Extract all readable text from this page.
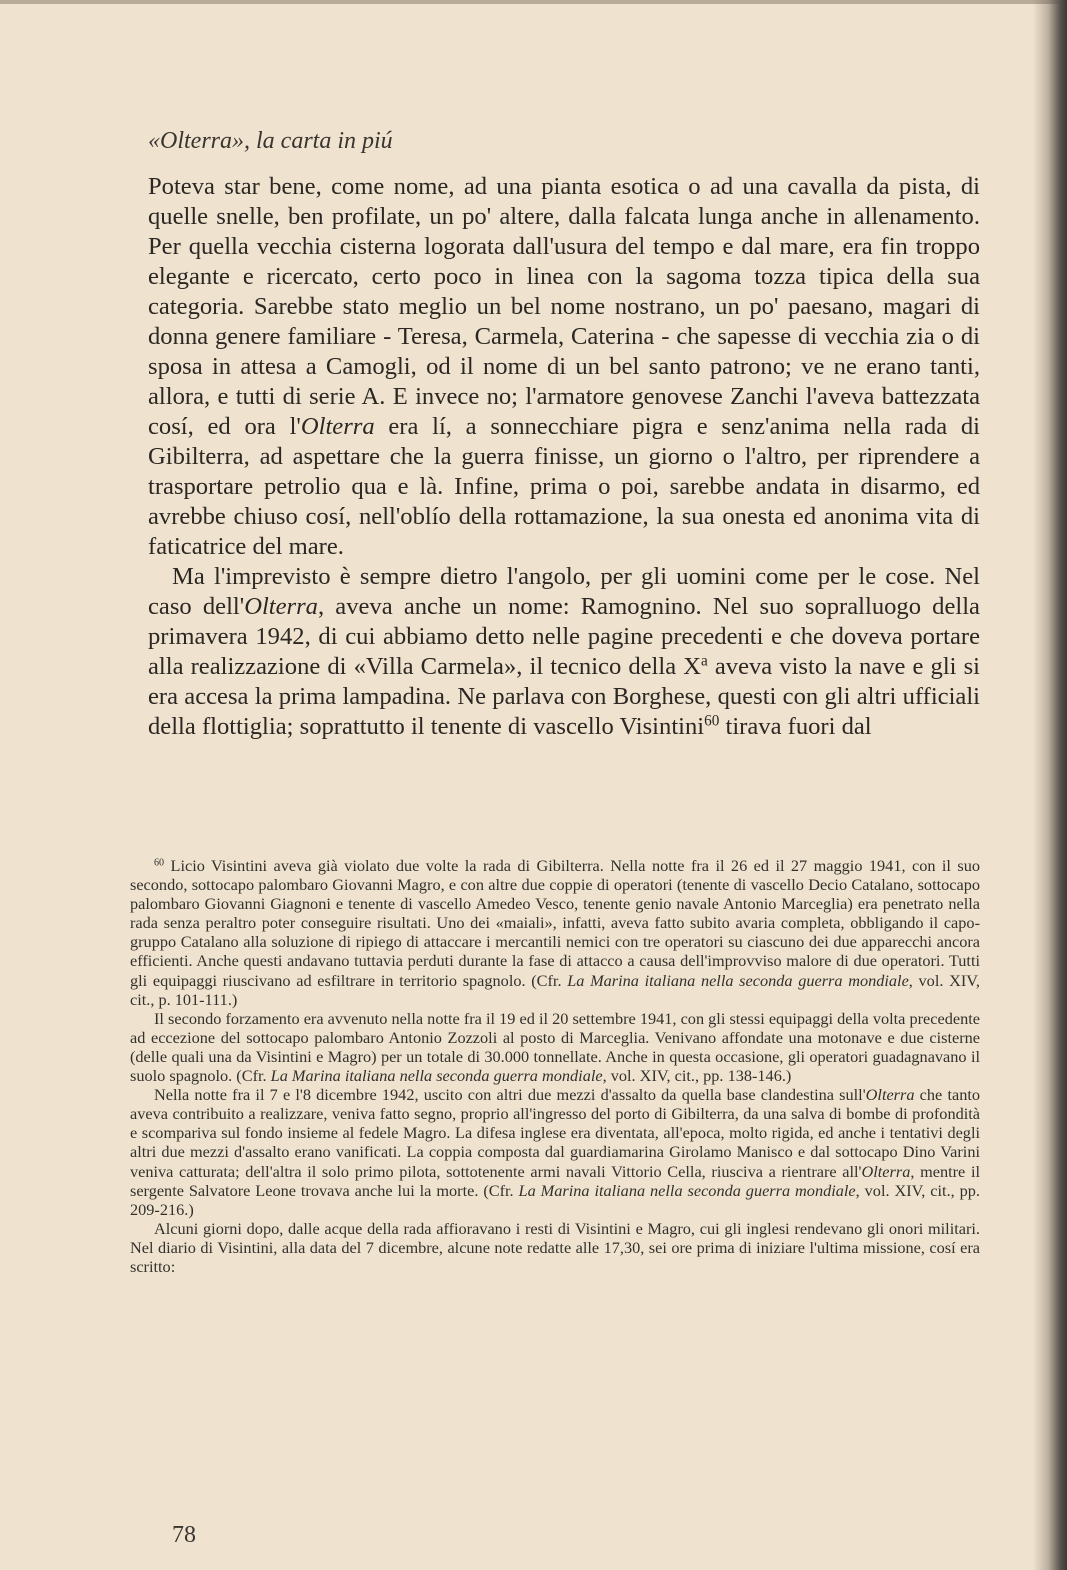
«Olterra», la carta in piú

Poteva star bene, come nome, ad una pianta esotica o ad una cavalla da pista, di quelle snelle, ben profilate, un po' altere, dalla falcata lunga anche in allenamento. Per quella vecchia cisterna logorata dall'usura del tempo e dal mare, era fin troppo elegante e ricercato, certo poco in linea con la sagoma tozza tipica della sua categoria. Sarebbe stato meglio un bel nome nostrano, un po' paesano, magari di donna genere familiare - Teresa, Carmela, Caterina - che sapesse di vecchia zia o di sposa in attesa a Camogli, od il nome di un bel santo patrono; ve ne erano tanti, allora, e tutti di serie A. E invece no; l'armatore genovese Zanchi l'aveva battezzata cosí, ed ora l'Olterra era lí, a sonnecchiare pigra e senz'anima nella rada di Gibilterra, ad aspettare che la guerra finisse, un giorno o l'altro, per riprendere a trasportare petrolio qua e là. Infine, prima o poi, sarebbe andata in disarmo, ed avrebbe chiuso cosí, nell'oblío della rottamazione, la sua onesta ed anonima vita di faticatrice del mare.

Ma l'imprevisto è sempre dietro l'angolo, per gli uomini come per le cose. Nel caso dell'Olterra, aveva anche un nome: Ramognino. Nel suo sopralluogo della primavera 1942, di cui abbiamo detto nelle pagine precedenti e che doveva portare alla realizzazione di «Villa Carmela», il tecnico della $X^a$ aveva visto la nave e gli si era accesa la prima lampadina. Ne parlava con Borghese, questi con gli altri ufficiali della flottiglia; soprattutto il tenente di vascello Visintini$^{60}$ tirava fuori dal

$^{60}$ Licio Visintini aveva già violato due volte la rada di Gibilterra. Nella notte fra il 26 ed il 27 maggio 1941, con il suo secondo, sottocapo palombaro Giovanni Magro, e con altre due coppie di operatori (tenente di vascello Decio Catalano, sottocapo palombaro Giovanni Giagnoni e tenente di vascello Amedeo Vesco, tenente genio navale Antonio Marceglia) era penetrato nella rada senza peraltro poter conseguire risultati. Uno dei «maiali», infatti, aveva fatto subito avaria completa, obbligando il capo-gruppo Catalano alla soluzione di ripiego di attaccare i mercantili nemici con tre operatori su ciascuno dei due apparecchi ancora efficienti. Anche questi andavano tuttavia perduti durante la fase di attacco a causa dell'improvviso malore di due operatori. Tutti gli equipaggi riuscivano ad esfiltrare in territorio spagnolo. (Cfr. La Marina italiana nella seconda guerra mondiale, vol. XIV, cit., p. 101-111.)

Il secondo forzamento era avvenuto nella notte fra il 19 ed il 20 settembre 1941, con gli stessi equipaggi della volta precedente ad eccezione del sottocapo palombaro Antonio Zozzoli al posto di Marceglia. Venivano affondate una motonave e due cisterne (delle quali una da Visintini e Magro) per un totale di 30.000 tonnellate. Anche in questa occasione, gli operatori guadagnavano il suolo spagnolo. (Cfr. La Marina italiana nella seconda guerra mondiale, vol. XIV, cit., pp. 138-146.)

Nella notte fra il 7 e l'8 dicembre 1942, uscito con altri due mezzi d'assalto da quella base clandestina sull'Olterra che tanto aveva contribuito a realizzare, veniva fatto segno, proprio all'ingresso del porto di Gibilterra, da una salva di bombe di profondità e scompariva sul fondo insieme al fedele Magro. La difesa inglese era diventata, all'epoca, molto rigida, ed anche i tentativi degli altri due mezzi d'assalto erano vanificati. La coppia composta dal guardiamarina Girolamo Manisco e dal sottocapo Dino Varini veniva catturata; dell'altra il solo primo pilota, sottotenente armi navali Vittorio Cella, riusciva a rientrare all'Olterra, mentre il sergente Salvatore Leone trovava anche lui la morte. (Cfr. La Marina italiana nella seconda guerra mondiale, vol. XIV, cit., pp. 209-216.)

Alcuni giorni dopo, dalle acque della rada affioravano i resti di Visintini e Magro, cui gli inglesi rendevano gli onori militari. Nel diario di Visintini, alla data del 7 dicembre, alcune note redatte alle 17,30, sei ore prima di iniziare l'ultima missione, cosí era scritto:

78
